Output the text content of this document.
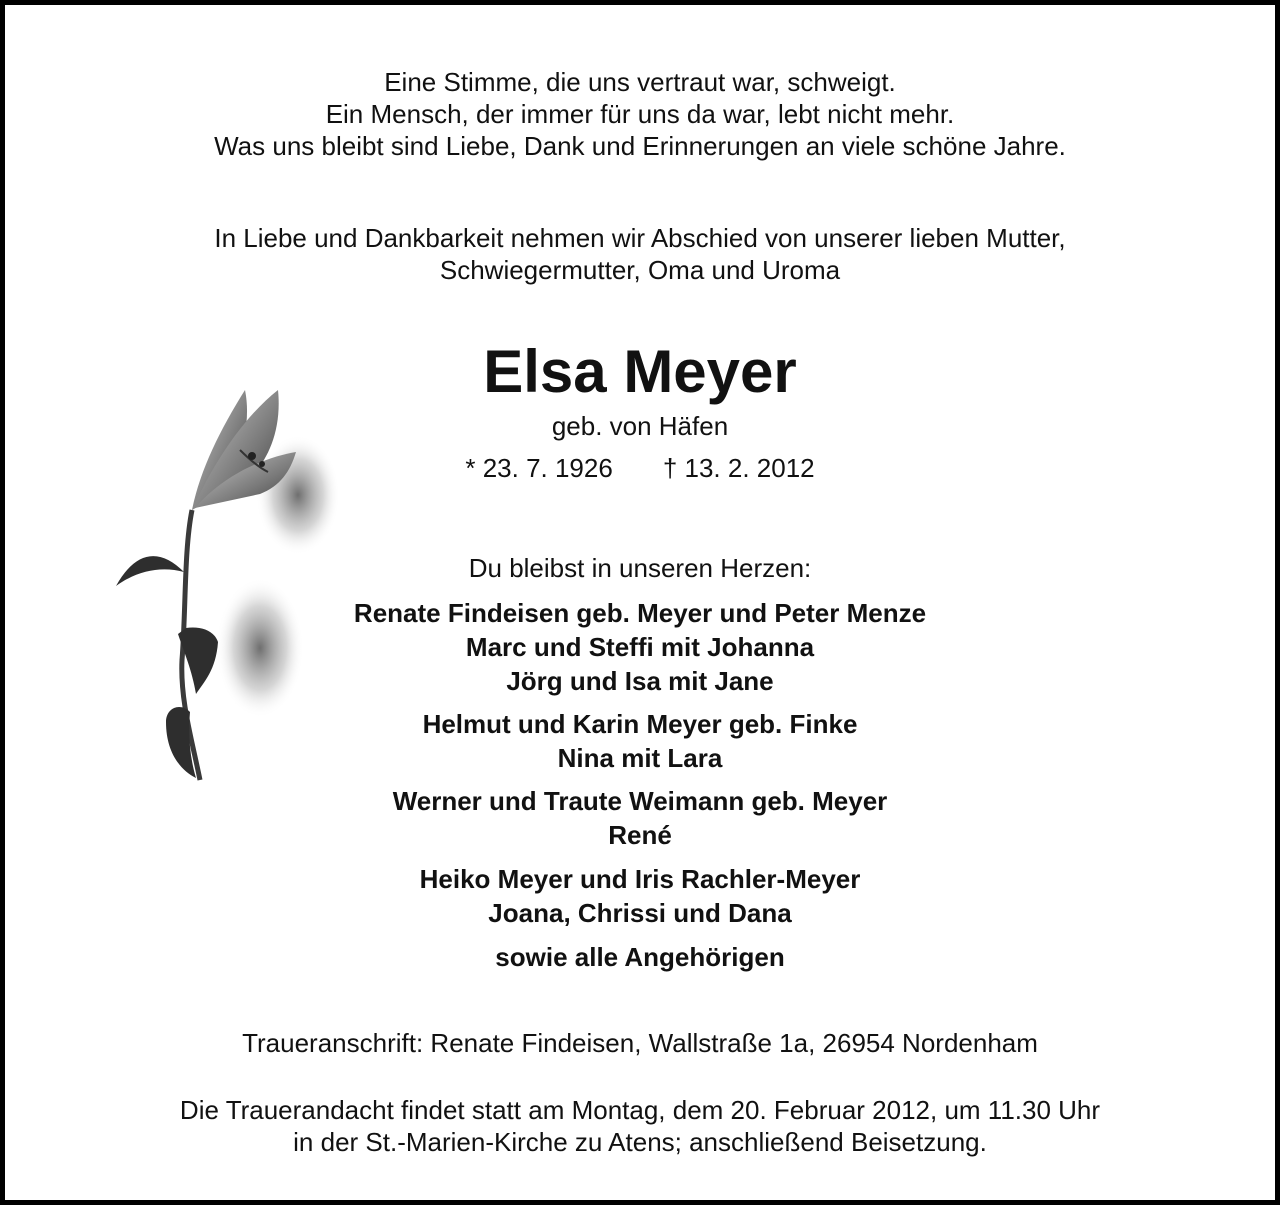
Eine Stimme, die uns vertraut war, schweigt.
Ein Mensch, der immer für uns da war, lebt nicht mehr.
Was uns bleibt sind Liebe, Dank und Erinnerungen an viele schöne Jahre.
In Liebe und Dankbarkeit nehmen wir Abschied von unserer lieben Mutter,
Schwiegermutter, Oma und Uroma
Elsa Meyer
geb. von Häfen
* 23. 7. 1926 † 13. 2. 2012
Du bleibst in unseren Herzen:
Renate Findeisen geb. Meyer und Peter Menze
Marc und Steffi mit Johanna
Jörg und Isa mit Jane
Helmut und Karin Meyer geb. Finke
Nina mit Lara
Werner und Traute Weimann geb. Meyer
René
Heiko Meyer und Iris Rachler-Meyer
Joana, Chrissi und Dana
sowie alle Angehörigen
Traueranschrift: Renate Findeisen, Wallstraße 1a, 26954 Nordenham
Die Trauerandacht findet statt am Montag, dem 20. Februar 2012, um 11.30 Uhr
in der St.-Marien-Kirche zu Atens; anschließend Beisetzung.
